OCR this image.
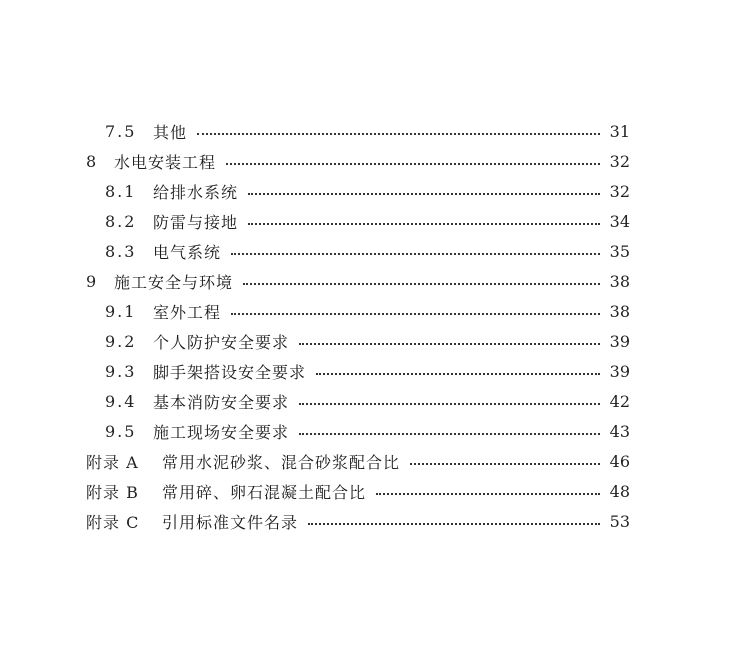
7.5	其他	31
8 水电安装工程	32
8.1	给排水系统	32
8.2	防雷与接地	34
8.3	电气系统	35
9 施工安全与环境	38
9.1	室外工程	38
9.2	个人防护安全要求	39
9.3	脚手架搭设安全要求	39
9.4	基本消防安全要求	42
9.5	施工现场安全要求	43
附录 A	常用水泥砂浆、混合砂浆配合比	46
附录 B	常用碎、卵石混凝土配合比	48
附录 C	引用标准文件名录	53
